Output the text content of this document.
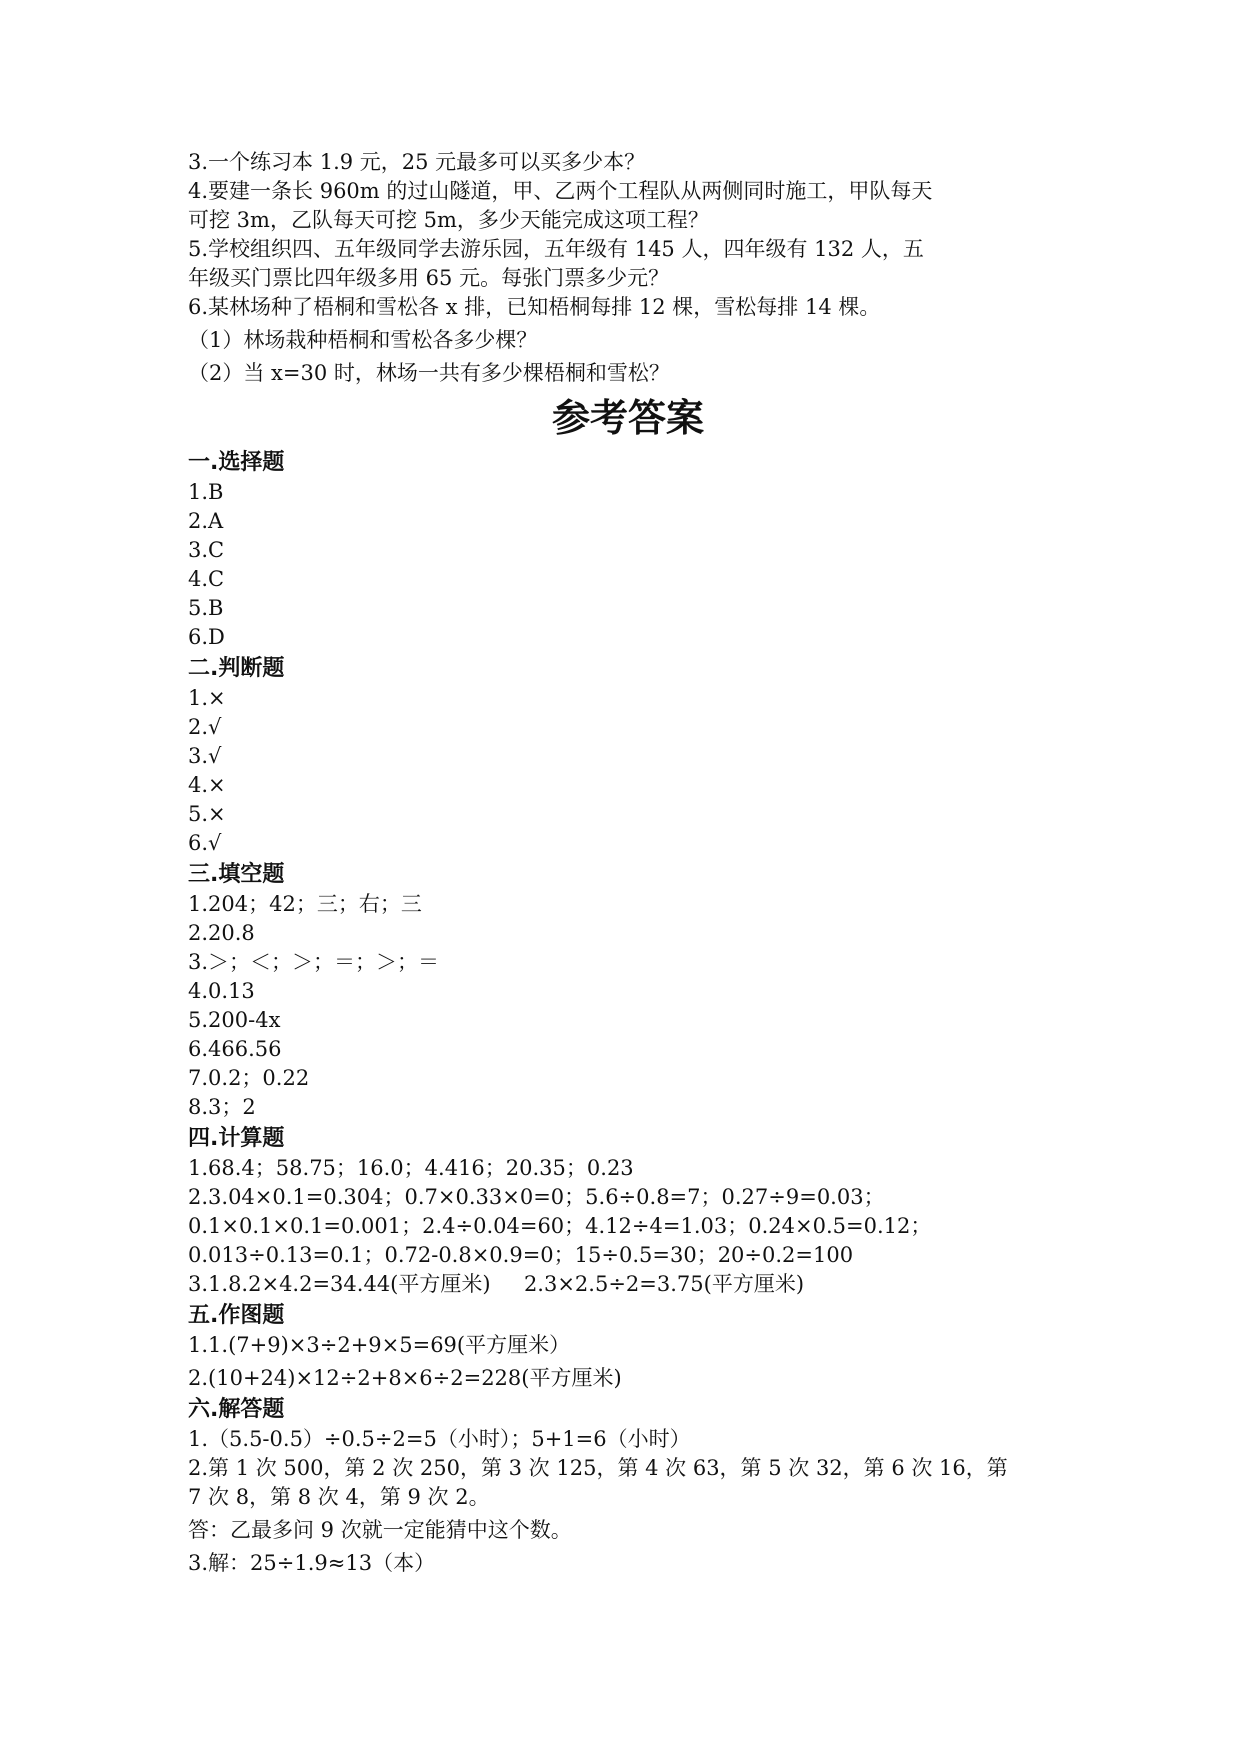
3.一个练习本 1.9 元，25 元最多可以买多少本？
4.要建一条长 960m 的过山隧道，甲、乙两个工程队从两侧同时施工，甲队每天
可挖 3m，乙队每天可挖 5m，多少天能完成这项工程？
5.学校组织四、五年级同学去游乐园，五年级有 145 人，四年级有 132 人，五
年级买门票比四年级多用 65 元。每张门票多少元？
6.某林场种了梧桐和雪松各 x 排，已知梧桐每排 12 棵，雪松每排 14 棵。
（1）林场栽种梧桐和雪松各多少棵？
（2）当 x=30 时，林场一共有多少棵梧桐和雪松？
参考答案
一.选择题
1.B
2.A
3.C
4.C
5.B
6.D
二.判断题
1.×
2.√
3.√
4.×
5.×
6.√
三.填空题
1.204；42；三；右；三
2.20.8
3.＞；＜；＞；＝；＞；＝
4.0.13
5.200-4x
6.466.56
7.0.2；0.22
8.3；2
四.计算题
1.68.4；58.75；16.0；4.416；20.35；0.23
2.3.04×0.1=0.304；0.7×0.33×0=0；5.6÷0.8=7；0.27÷9=0.03；
0.1×0.1×0.1=0.001；2.4÷0.04=60；4.12÷4=1.03；0.24×0.5=0.12；
0.013÷0.13=0.1；0.72-0.8×0.9=0；15÷0.5=30；20÷0.2=100
3.1.8.2×4.2=34.44(平方厘米)     2.3×2.5÷2=3.75(平方厘米)
五.作图题
1.1.(7+9)×3÷2+9×5=69(平方厘米）
2.(10+24)×12÷2+8×6÷2=228(平方厘米)
六.解答题
1.（5.5-0.5）÷0.5÷2=5（小时）；5+1=6（小时）
2.第 1 次 500，第 2 次 250，第 3 次 125，第 4 次 63，第 5 次 32，第 6 次 16，第
7 次 8，第 8 次 4，第 9 次 2。
答：乙最多问 9 次就一定能猜中这个数。
3.解：25÷1.9≈13（本）
